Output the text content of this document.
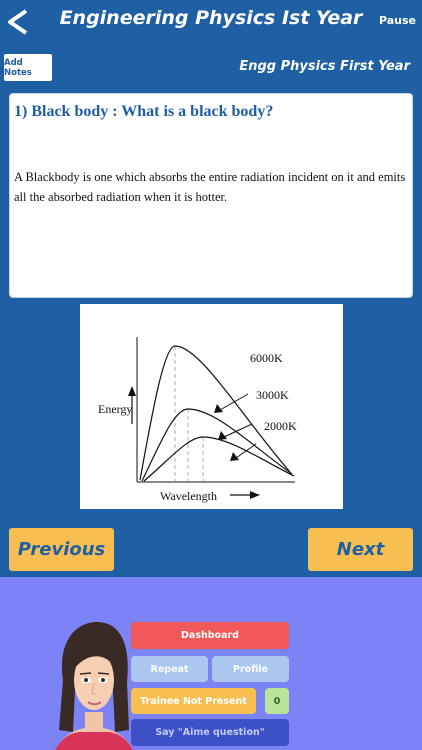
Engineering Physics Ist Year	Pause
Add Notes	Engg Physics First Year
1) Black body : What is a black body?
A Blackbody is one which absorbs the entire radiation incident on it and emits all the absorbed radiation when it is hotter.
Energy
Wavelength
6000K
3000K
2000K
Previous	Next
Dashboard
Repeat	Profile
Trainee Not Present	0
Say "Aime question"
